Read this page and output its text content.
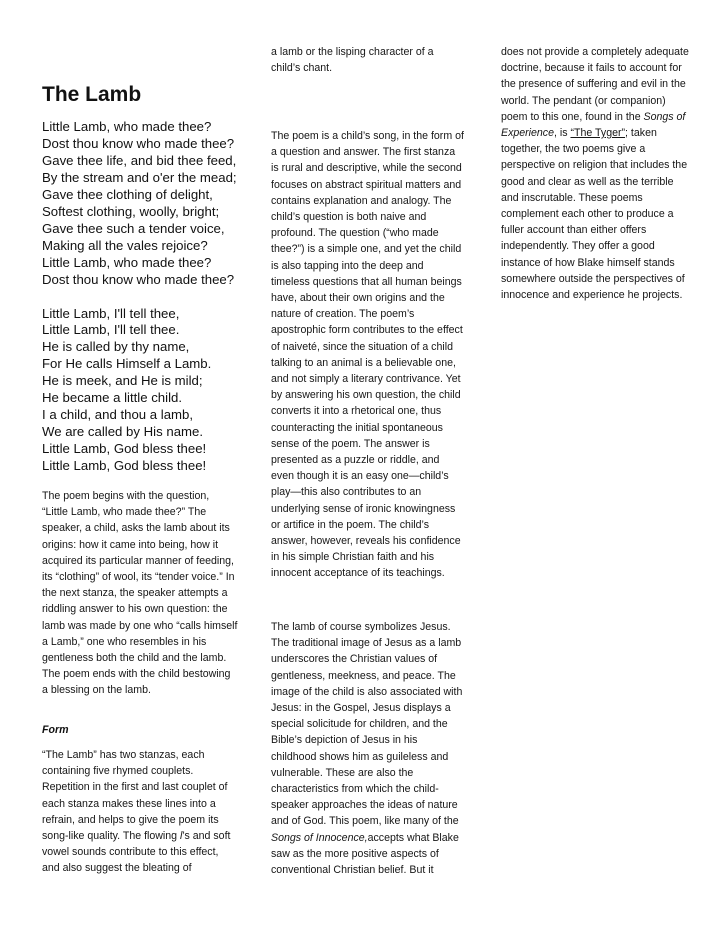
The Lamb
Little Lamb, who made thee?
Dost thou know who made thee?
Gave thee life, and bid thee feed,
By the stream and o'er the mead;
Gave thee clothing of delight,
Softest clothing, woolly, bright;
Gave thee such a tender voice,
Making all the vales rejoice?
Little Lamb, who made thee?
Dost thou know who made thee?
Little Lamb, I'll tell thee,
Little Lamb, I'll tell thee.
He is called by thy name,
For He calls Himself a Lamb.
He is meek, and He is mild;
He became a little child.
I a child, and thou a lamb,
We are called by His name.
Little Lamb, God bless thee!
Little Lamb, God bless thee!

The poem begins with the question, “Little Lamb, who made thee?” The speaker, a child, asks the lamb about its origins: how it came into being, how it acquired its particular manner of feeding, its “clothing” of wool, its “tender voice.” In the next stanza, the speaker attempts a riddling answer to his own question: the lamb was made by one who “calls himself a Lamb,” one who resembles in his gentleness both the child and the lamb. The poem ends with the child bestowing a blessing on the lamb.

Form

“The Lamb” has two stanzas, each containing five rhymed couplets. Repetition in the first and last couplet of each stanza makes these lines into a refrain, and helps to give the poem its song-like quality. The flowing l’s and soft vowel sounds contribute to this effect, and also suggest the bleating of

a lamb or the lisping character of a child’s chant.

The poem is a child’s song, in the form of a question and answer. The first stanza is rural and descriptive, while the second focuses on abstract spiritual matters and contains explanation and analogy. The child’s question is both naive and profound. The question (“who made thee?”) is a simple one, and yet the child is also tapping into the deep and timeless questions that all human beings have, about their own origins and the nature of creation. The poem’s apostrophic form contributes to the effect of naiveté, since the situation of a child talking to an animal is a believable one, and not simply a literary contrivance. Yet by answering his own question, the child converts it into a rhetorical one, thus counteracting the initial spontaneous sense of the poem. The answer is presented as a puzzle or riddle, and even though it is an easy one—child’s play—this also contributes to an underlying sense of ironic knowingness or artifice in the poem. The child’s answer, however, reveals his confidence in his simple Christian faith and his innocent acceptance of its teachings.

The lamb of course symbolizes Jesus. The traditional image of Jesus as a lamb underscores the Christian values of gentleness, meekness, and peace. The image of the child is also associated with Jesus: in the Gospel, Jesus displays a special solicitude for children, and the Bible’s depiction of Jesus in his childhood shows him as guileless and vulnerable. These are also the characteristics from which the child-speaker approaches the ideas of nature and of God. This poem, like many of the Songs of Innocence,accepts what Blake saw as the more positive aspects of conventional Christian belief. But it

does not provide a completely adequate doctrine, because it fails to account for the presence of suffering and evil in the world. The pendant (or companion) poem to this one, found in the Songs of Experience, is “The Tyger”; taken together, the two poems give a perspective on religion that includes the good and clear as well as the terrible and inscrutable. These poems complement each other to produce a fuller account than either offers independently. They offer a good instance of how Blake himself stands somewhere outside the perspectives of innocence and experience he projects.
